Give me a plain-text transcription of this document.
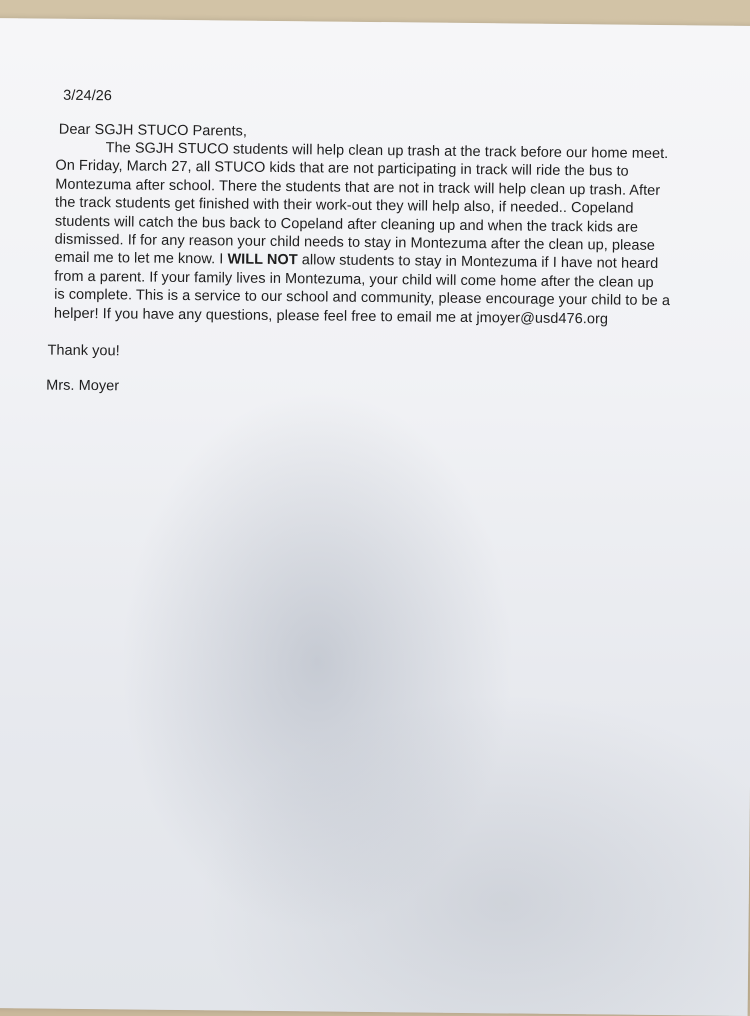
3/24/26
Dear SGJH STUCO Parents,
The SGJH STUCO students will help clean up trash at the track before our home meet.
On Friday, March 27, all STUCO kids that are not participating in track will ride the bus to
Montezuma after school. There the students that are not in track will help clean up trash. After
the track students get finished with their work-out they will help also, if needed.. Copeland
students will catch the bus back to Copeland after cleaning up and when the track kids are
dismissed. If for any reason your child needs to stay in Montezuma after the clean up, please
email me to let me know. I WILL NOT allow students to stay in Montezuma if I have not heard
from a parent. If your family lives in Montezuma, your child will come home after the clean up
is complete. This is a service to our school and community, please encourage your child to be a
helper! If you have any questions, please feel free to email me at jmoyer@usd476.org
Thank you!
Mrs. Moyer
